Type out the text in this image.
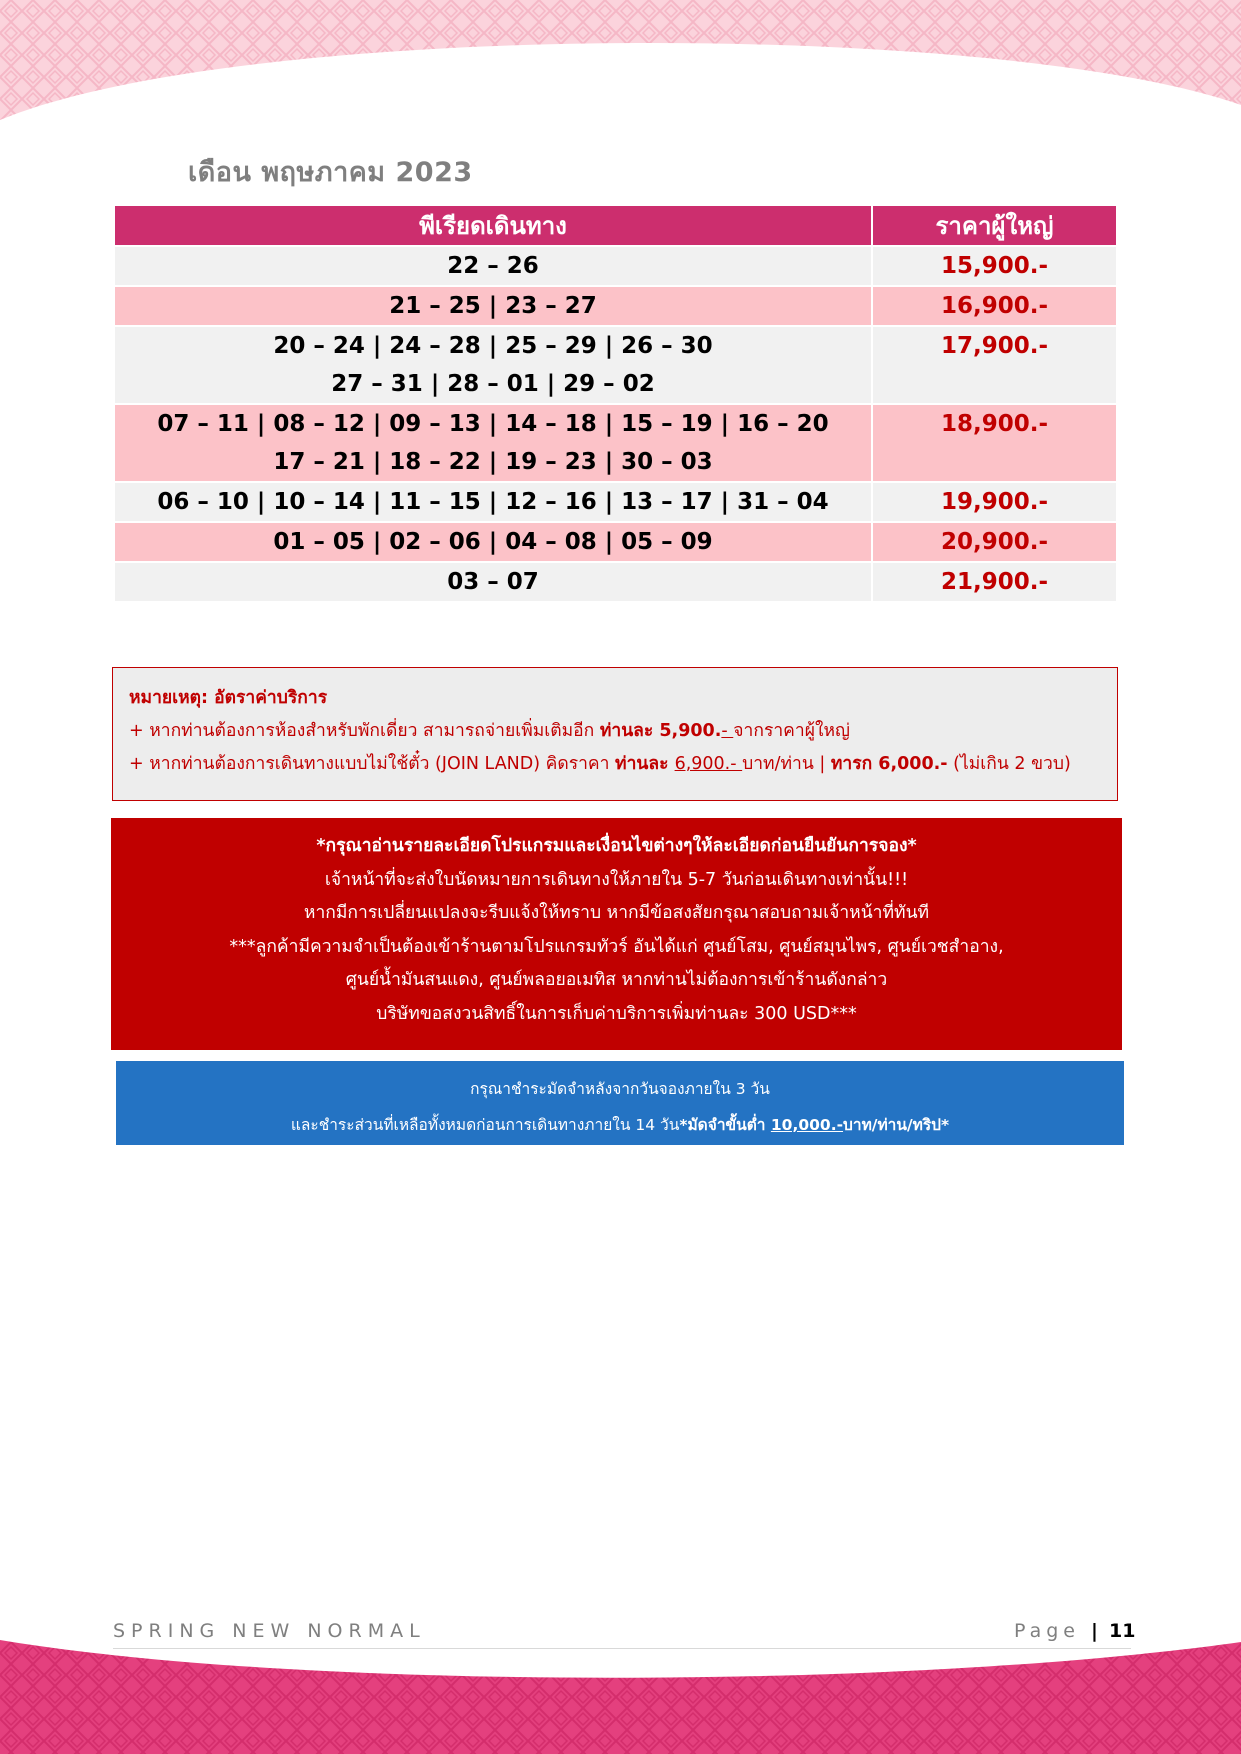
เดือน พฤษภาคม 2023
พีเรียดเดินทาง	ราคาผู้ใหญ่

22 – 26	15,900.-

21 – 25 | 23 – 27	16,900.-

20 – 24 | 24 – 28 | 25 – 29 | 26 – 30
27 – 31 | 28 – 01 | 29 – 02	17,900.-

07 – 11 | 08 – 12 | 09 – 13 | 14 – 18 | 15 – 19 | 16 – 20
17 – 21 | 18 – 22 | 19 – 23 | 30 – 03	18,900.-

06 – 10 | 10 – 14 | 11 – 15 | 12 – 16 | 13 – 17 | 31 – 04	19,900.-

01 – 05 | 02 – 06 | 04 – 08 | 05 – 09	20,900.-

03 – 07	21,900.-
หมายเหตุ: อัตราค่าบริการ
+ หากท่านต้องการห้องสำหรับพักเดี่ยว สามารถจ่ายเพิ่มเติมอีก ท่านละ 5,900.- จากราคาผู้ใหญ่
+ หากท่านต้องการเดินทางแบบไม่ใช้ตั๋ว (JOIN LAND) คิดราคา ท่านละ 6,900.- บาท/ท่าน | ทารก 6,000.- (ไม่เกิน 2 ขวบ)
*กรุณาอ่านรายละเอียดโปรแกรมและเงื่อนไขต่างๆให้ละเอียดก่อนยืนยันการจอง*
เจ้าหน้าที่จะส่งใบนัดหมายการเดินทางให้ภายใน 5-7 วันก่อนเดินทางเท่านั้น!!!
หากมีการเปลี่ยนแปลงจะรีบแจ้งให้ทราบ หากมีข้อสงสัยกรุณาสอบถามเจ้าหน้าที่ทันที
***ลูกค้ามีความจำเป็นต้องเข้าร้านตามโปรแกรมทัวร์ อันได้แก่ ศูนย์โสม, ศูนย์สมุนไพร, ศูนย์เวชสำอาง,
ศูนย์น้ำมันสนแดง, ศูนย์พลอยอเมทิส หากท่านไม่ต้องการเข้าร้านดังกล่าว
บริษัทขอสงวนสิทธิ์ในการเก็บค่าบริการเพิ่มท่านละ 300 USD***
กรุณาชำระมัดจำหลังจากวันจองภายใน 3 วัน
และชำระส่วนที่เหลือทั้งหมดก่อนการเดินทางภายใน 14 วัน*มัดจำขั้นต่ำ 10,000.-บาท/ท่าน/ทริป*
SPRING NEW NORMAL	Page | 11
